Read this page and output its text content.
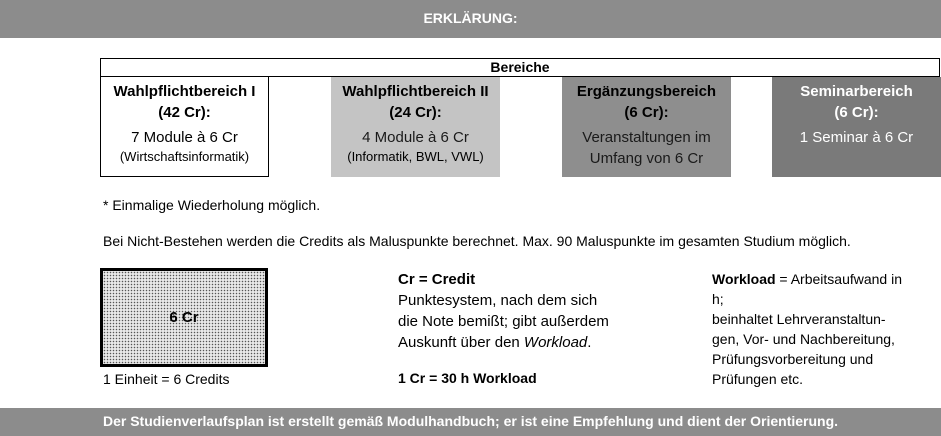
ERKLÄRUNG:
Bereiche
Wahlpflichtbereich I
(42 Cr):
7 Module à 6 Cr
(Wirtschaftsinformatik)
Wahlpflichtbereich II
(24 Cr):
4 Module à 6 Cr
(Informatik, BWL, VWL)
Ergänzungsbereich
(6 Cr):
Veranstaltungen im
Umfang von 6 Cr
Seminarbereich
(6 Cr):
1 Seminar à 6 Cr
* Einmalige Wiederholung möglich.
Bei Nicht-Bestehen werden die Credits als Maluspunkte berechnet. Max. 90 Maluspunkte im gesamten Studium möglich.
6 Cr
1 Einheit = 6 Credits
Cr = Credit
Punktesystem, nach dem sich
die Note bemißt; gibt außerdem
Auskunft über den Workload.
1 Cr = 30 h Workload
Workload = Arbeitsaufwand in
h;
beinhaltet Lehrveranstaltun-
gen, Vor- und Nachbereitung,
Prüfungsvorbereitung und
Prüfungen etc.
Der Studienverlaufsplan ist erstellt gemäß Modulhandbuch; er ist eine Empfehlung und dient der Orientierung.
